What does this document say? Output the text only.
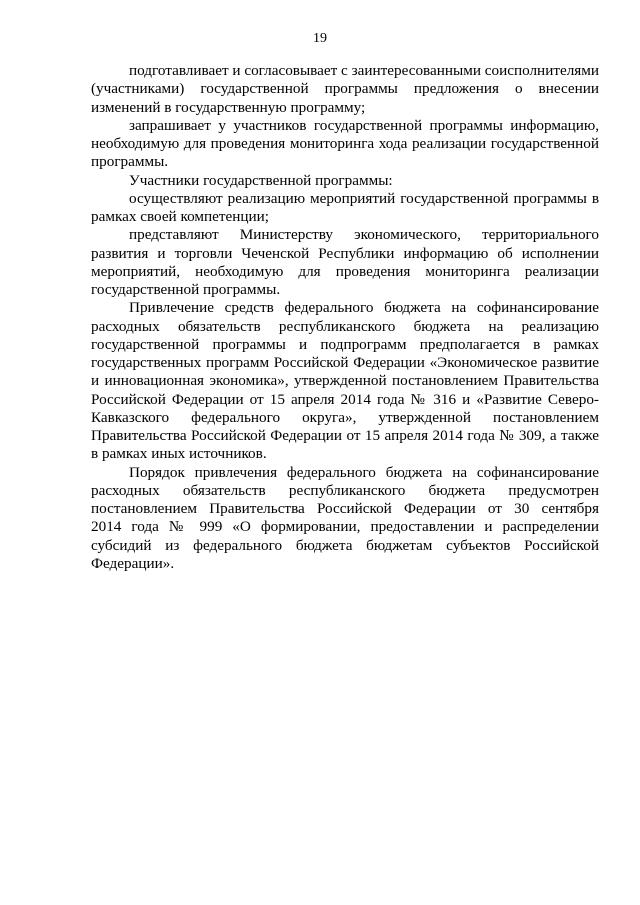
19
подготавливает и согласовывает с заинтересованными соисполнителями
(участниками) государственной программы предложения о внесении
изменений в государственную программу;
запрашивает у участников государственной программы информацию,
необходимую для проведения мониторинга хода реализации государственной
программы.
Участники государственной программы:
осуществляют реализацию мероприятий государственной программы в
рамках своей компетенции;
представляют Министерству экономического, территориального
развития и торговли Чеченской Республики информацию об исполнении
мероприятий, необходимую для проведения мониторинга реализации
государственной программы.
Привлечение средств федерального бюджета на софинансирование
расходных обязательств республиканского бюджета на реализацию
государственной программы и подпрограмм предполагается в рамках
государственных программ Российской Федерации «Экономическое развитие
и инновационная экономика», утвержденной постановлением Правительства
Российской Федерации от 15 апреля 2014 года № 316 и «Развитие Северо-
Кавказского федерального округа», утвержденной постановлением
Правительства Российской Федерации от 15 апреля 2014 года № 309, а также
в рамках иных источников.
Порядок привлечения федерального бюджета на софинансирование
расходных обязательств республиканского бюджета предусмотрен
постановлением Правительства Российской Федерации от 30 сентября
2014 года № 999 «О формировании, предоставлении и распределении
субсидий из федерального бюджета бюджетам субъектов Российской
Федерации».
